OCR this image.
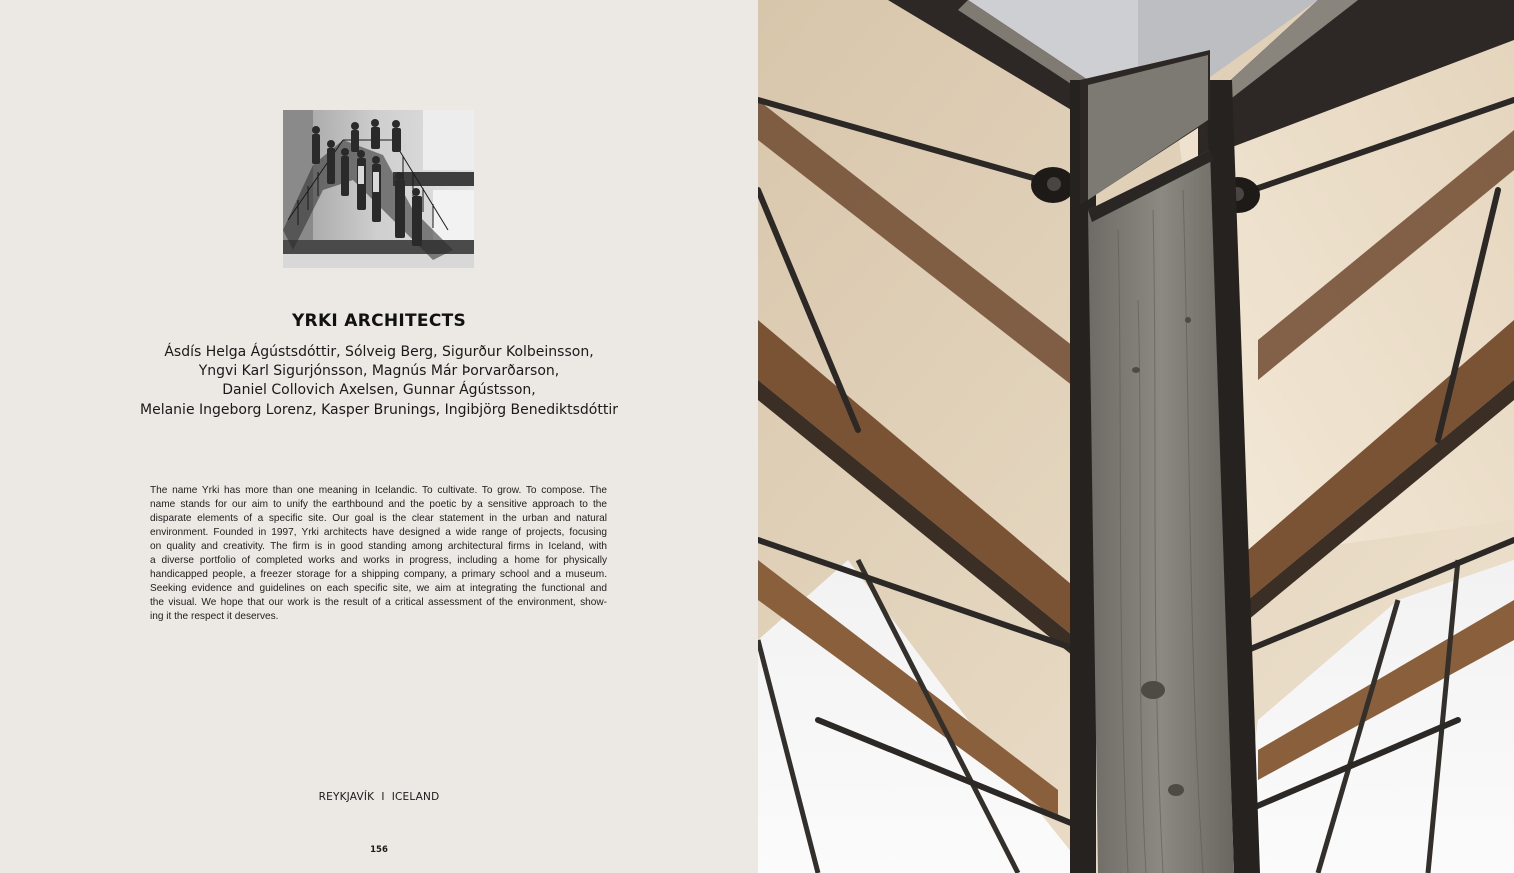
YRKI ARCHITECTS
Ásdís Helga Ágústsdóttir, Sólveig Berg, Sigurður Kolbeinsson,
Yngvi Karl Sigurjónsson, Magnús Már Þorvarðarson,
Daniel Collovich Axelsen, Gunnar Ágústsson,
Melanie Ingeborg Lorenz, Kasper Brunings, Ingibjörg Benediktsdóttir
The name Yrki has more than one meaning in Icelandic. To cultivate. To grow. To compose. The
name stands for our aim to unify the earthbound and the poetic by a sensitive approach to the
disparate elements of a specific site. Our goal is the clear statement in the urban and natural
environment. Founded in 1997, Yrki architects have designed a wide range of projects, focusing
on quality and creativity. The firm is in good standing among architectural firms in Iceland, with
a diverse portfolio of completed works and works in progress, including a home for physically
handicapped people, a freezer storage for a shipping company, a primary school and a museum.
Seeking evidence and guidelines on each specific site, we aim at integrating the functional and
the visual. We hope that our work is the result of a critical assessment of the environment, show-
ing it the respect it deserves.
REYKJAVÍK  I  ICELAND
156
